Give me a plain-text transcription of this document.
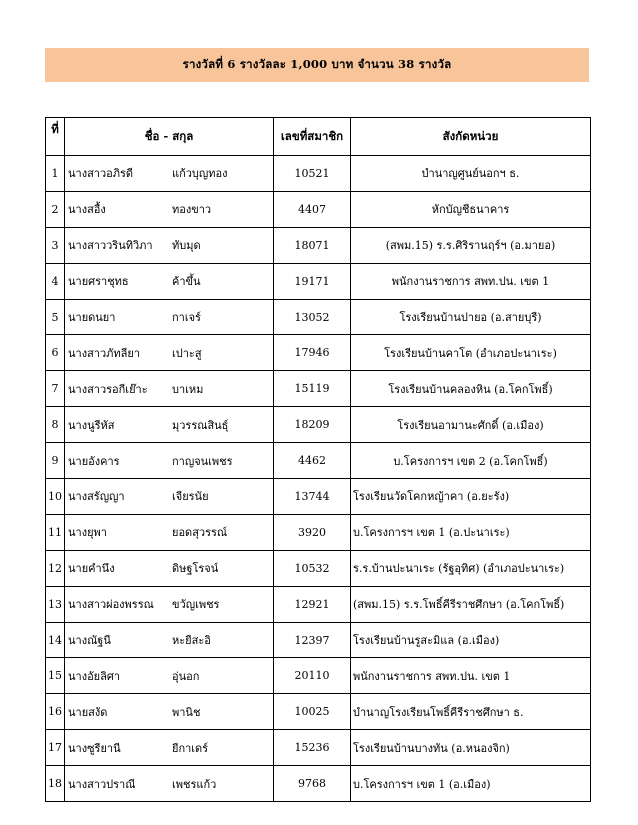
รางวัลที่ 6 รางวัลละ 1,000 บาท จำนวน 38 รางวัล
ที่	ชื่อ - สกุล	เลขที่สมาชิก	สังกัดหน่วย
1	นางสาวอภิรดี แก้วบุญทอง	10521	บำนาญศูนย์นอกฯ ธ.
2	นางสอื้ง ทองขาว	4407	หักบัญชีธนาคาร
3	นางสาววรินทิวิภา ทับมุด	18071	(สพม.15) ร.ร.ศิริรานฤร์ฯ (อ.มายอ)
4	นายศราชุทธ ค้าขึ้น	19171	พนักงานราชการ สพท.ปน. เขต 1
5	นายดนยา กาเจร์	13052	โรงเรียนบ้านปายอ (อ.สายบุรี)
6	นางสาวภัทลียา เปาะสู	17946	โรงเรียนบ้านคาโต (อำเภอปะนาเระ)
7	นางสาวรอกีเย๊าะ บาเหม	15119	โรงเรียนบ้านคลองหิน (อ.โคกโพธิ์)
8	นางนูรีหัส มุวรรณสินธุ์	18209	โรงเรียนอามานะศักดิ์ (อ.เมือง)
9	นายอังคาร กาญจนเพชร	4462	บ.โครงการฯ เขต 2 (อ.โคกโพธิ์)
10	นางสรัญญา เจียรนัย	13744	โรงเรียนวัดโคกหญ้าคา (อ.ยะรัง)
11	นางยุพา ยอดสุวรรณ์	3920	บ.โครงการฯ เขต 1 (อ.ปะนาเระ)
12	นายคำนึง ดิษฐโรจน์	10532	ร.ร.บ้านปะนาเระ (รัฐอุทิศ) (อำเภอปะนาเระ)
13	นางสาวผ่องพรรณ ขวัญเพชร	12921	(สพม.15) ร.ร.โพธิ์คีรีราชศึกษา (อ.โคกโพธิ์)
14	นางณัฐนี หะยีสะอิ	12397	โรงเรียนบ้านรูสะมิแล (อ.เมือง)
15	นางอัยลิศา อุ่นอก	20110	พนักงานราชการ สพท.ปน. เขต 1
16	นายสงัด พานิช	10025	บำนาญโรงเรียนโพธิ์คีรีราชศึกษา ธ.
17	นางซูรียานี ยีกาเดร์	15236	โรงเรียนบ้านบางทัน (อ.หนองจิก)
18	นางสาวปราณี เพชรแก้ว	9768	บ.โครงการฯ เขต 1 (อ.เมือง)
